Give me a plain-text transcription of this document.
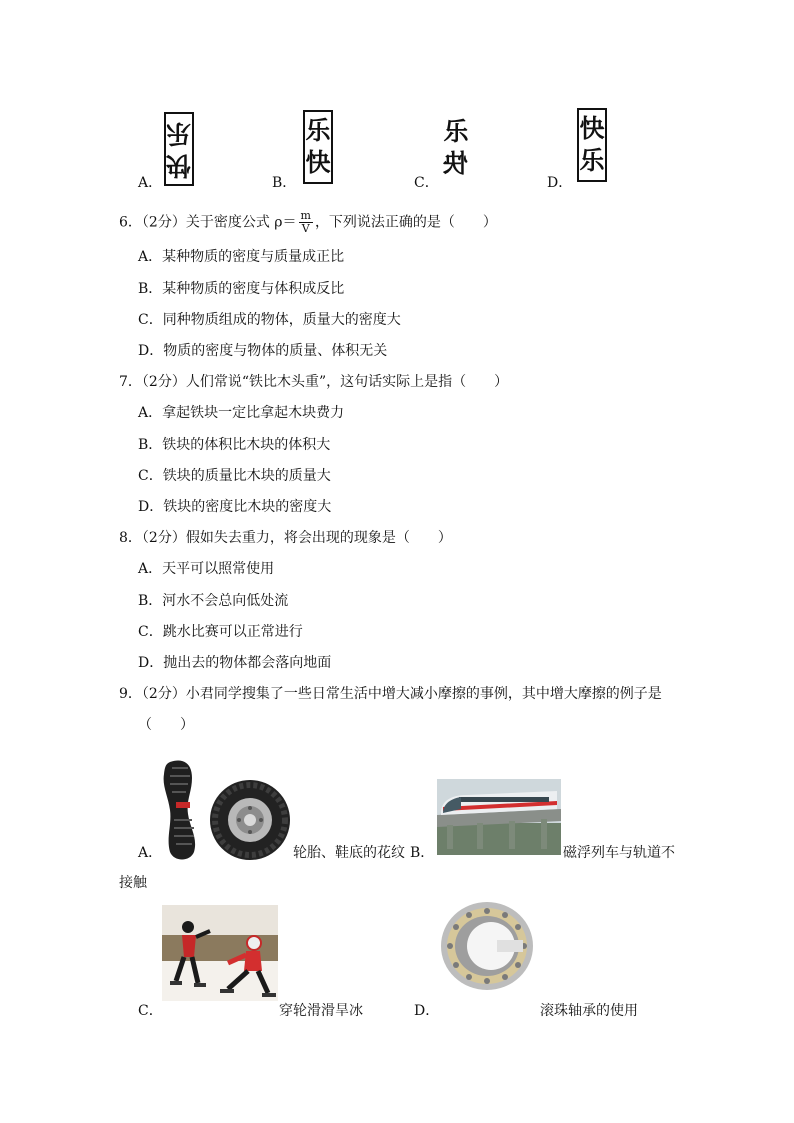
A．
快
乐
B．
乐
快
C．
快
乐
D．
快
乐
6．（2分）关于密度公式 $\rho= \frac{m}{V}$ ，下列说法正确的是（　　）
A．某种物质的密度与质量成正比
B．某种物质的密度与体积成反比
C．同种物质组成的物体，质量大的密度大
D．物质的密度与物体的质量、体积无关
7．（2分）人们常说“铁比木头重”，这句话实际上是指（　　）
A．拿起铁块一定比拿起木块费力
B．铁块的体积比木块的体积大
C．铁块的质量比木块的质量大
D．铁块的密度比木块的密度大
8．（2分）假如失去重力，将会出现的现象是（　　）
A．天平可以照常使用
B．河水不会总向低处流
C．跳水比赛可以正常进行
D．抛出去的物体都会落向地面
9．（2分）小君同学搜集了一些日常生活中增大减小摩擦的事例，其中增大摩擦的例子是
（　　）
A．	轮胎、鞋底的花纹 B．	磁浮列车与轨道不
接触
C．	穿轮滑滑旱冰	D．	滚珠轴承的使用
